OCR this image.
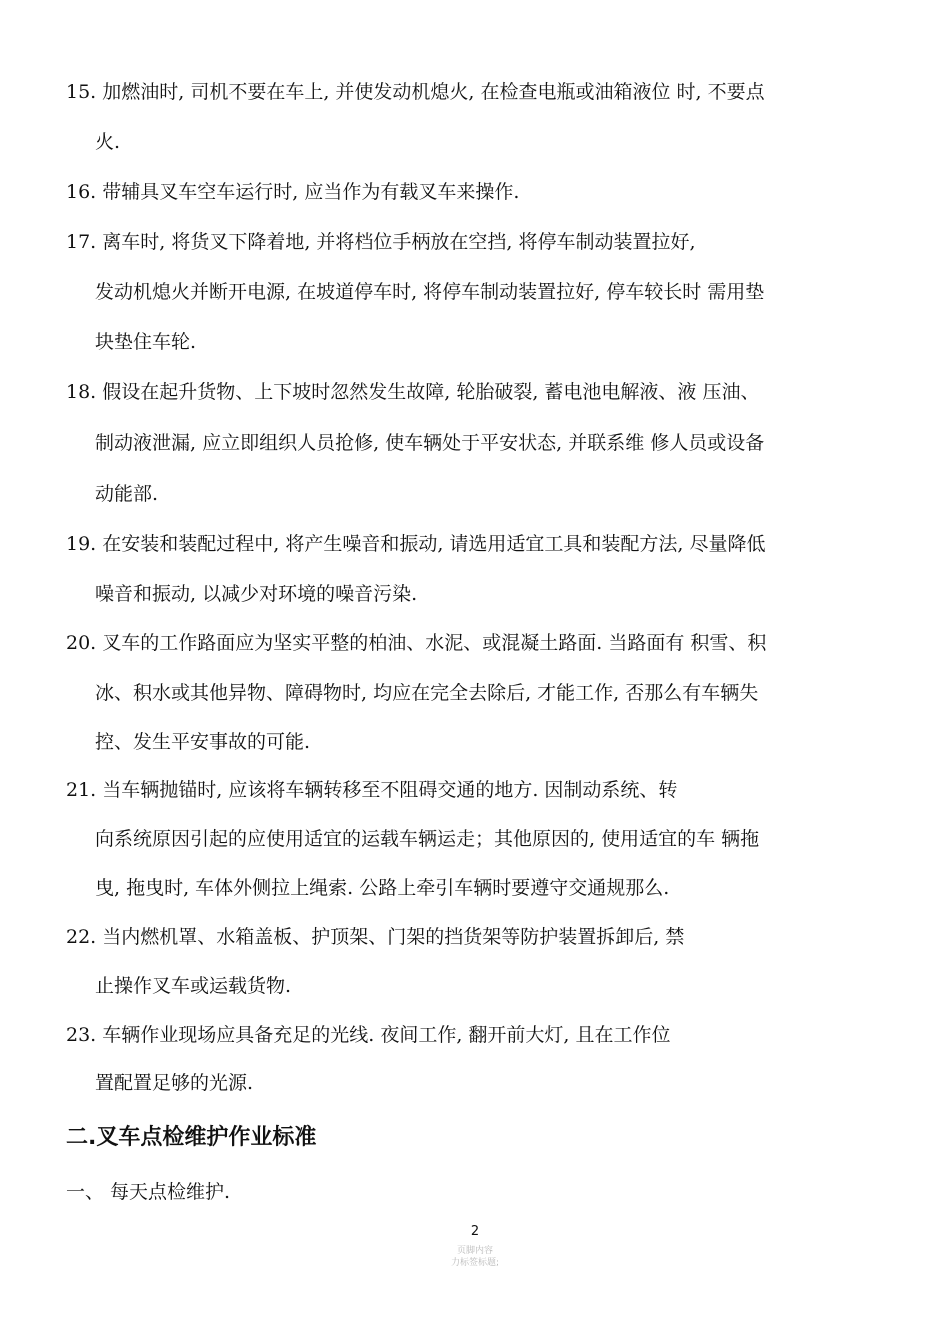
15. 加燃油时, 司机不要在车上, 并使发动机熄火, 在检查电瓶或油箱液位 时, 不要点
火.
16. 带辅具叉车空车运行时, 应当作为有载叉车来操作.
17. 离车时, 将货叉下降着地, 并将档位手柄放在空挡, 将停车制动装置拉好,
发动机熄火并断开电源, 在坡道停车时, 将停车制动装置拉好, 停车较长时 需用垫
块垫住车轮.
18. 假设在起升货物、上下坡时忽然发生故障, 轮胎破裂, 蓄电池电解液、液 压油、
制动液泄漏, 应立即组织人员抢修, 使车辆处于平安状态, 并联系维 修人员或设备
动能部.
19. 在安装和装配过程中, 将产生噪音和振动, 请选用适宜工具和装配方法, 尽量降低
噪音和振动, 以减少对环境的噪音污染.
20. 叉车的工作路面应为坚实平整的柏油、水泥、或混凝土路面. 当路面有 积雪、积
冰、积水或其他异物、障碍物时, 均应在完全去除后, 才能工作, 否那么有车辆失
控、发生平安事故的可能.
21. 当车辆抛锚时, 应该将车辆转移至不阻碍交通的地方. 因制动系统、转
向系统原因引起的应使用适宜的运载车辆运走；其他原因的, 使用适宜的车 辆拖
曳, 拖曳时, 车体外侧拉上绳索. 公路上牵引车辆时要遵守交通规那么.
22. 当内燃机罩、水箱盖板、护顶架、门架的挡货架等防护装置拆卸后, 禁
止操作叉车或运载货物.
23. 车辆作业现场应具备充足的光线. 夜间工作, 翻开前大灯, 且在工作位
置配置足够的光源.
二.叉车点检维护作业标准
一、 每天点检维护.
2
页脚内容
力标签标题;
